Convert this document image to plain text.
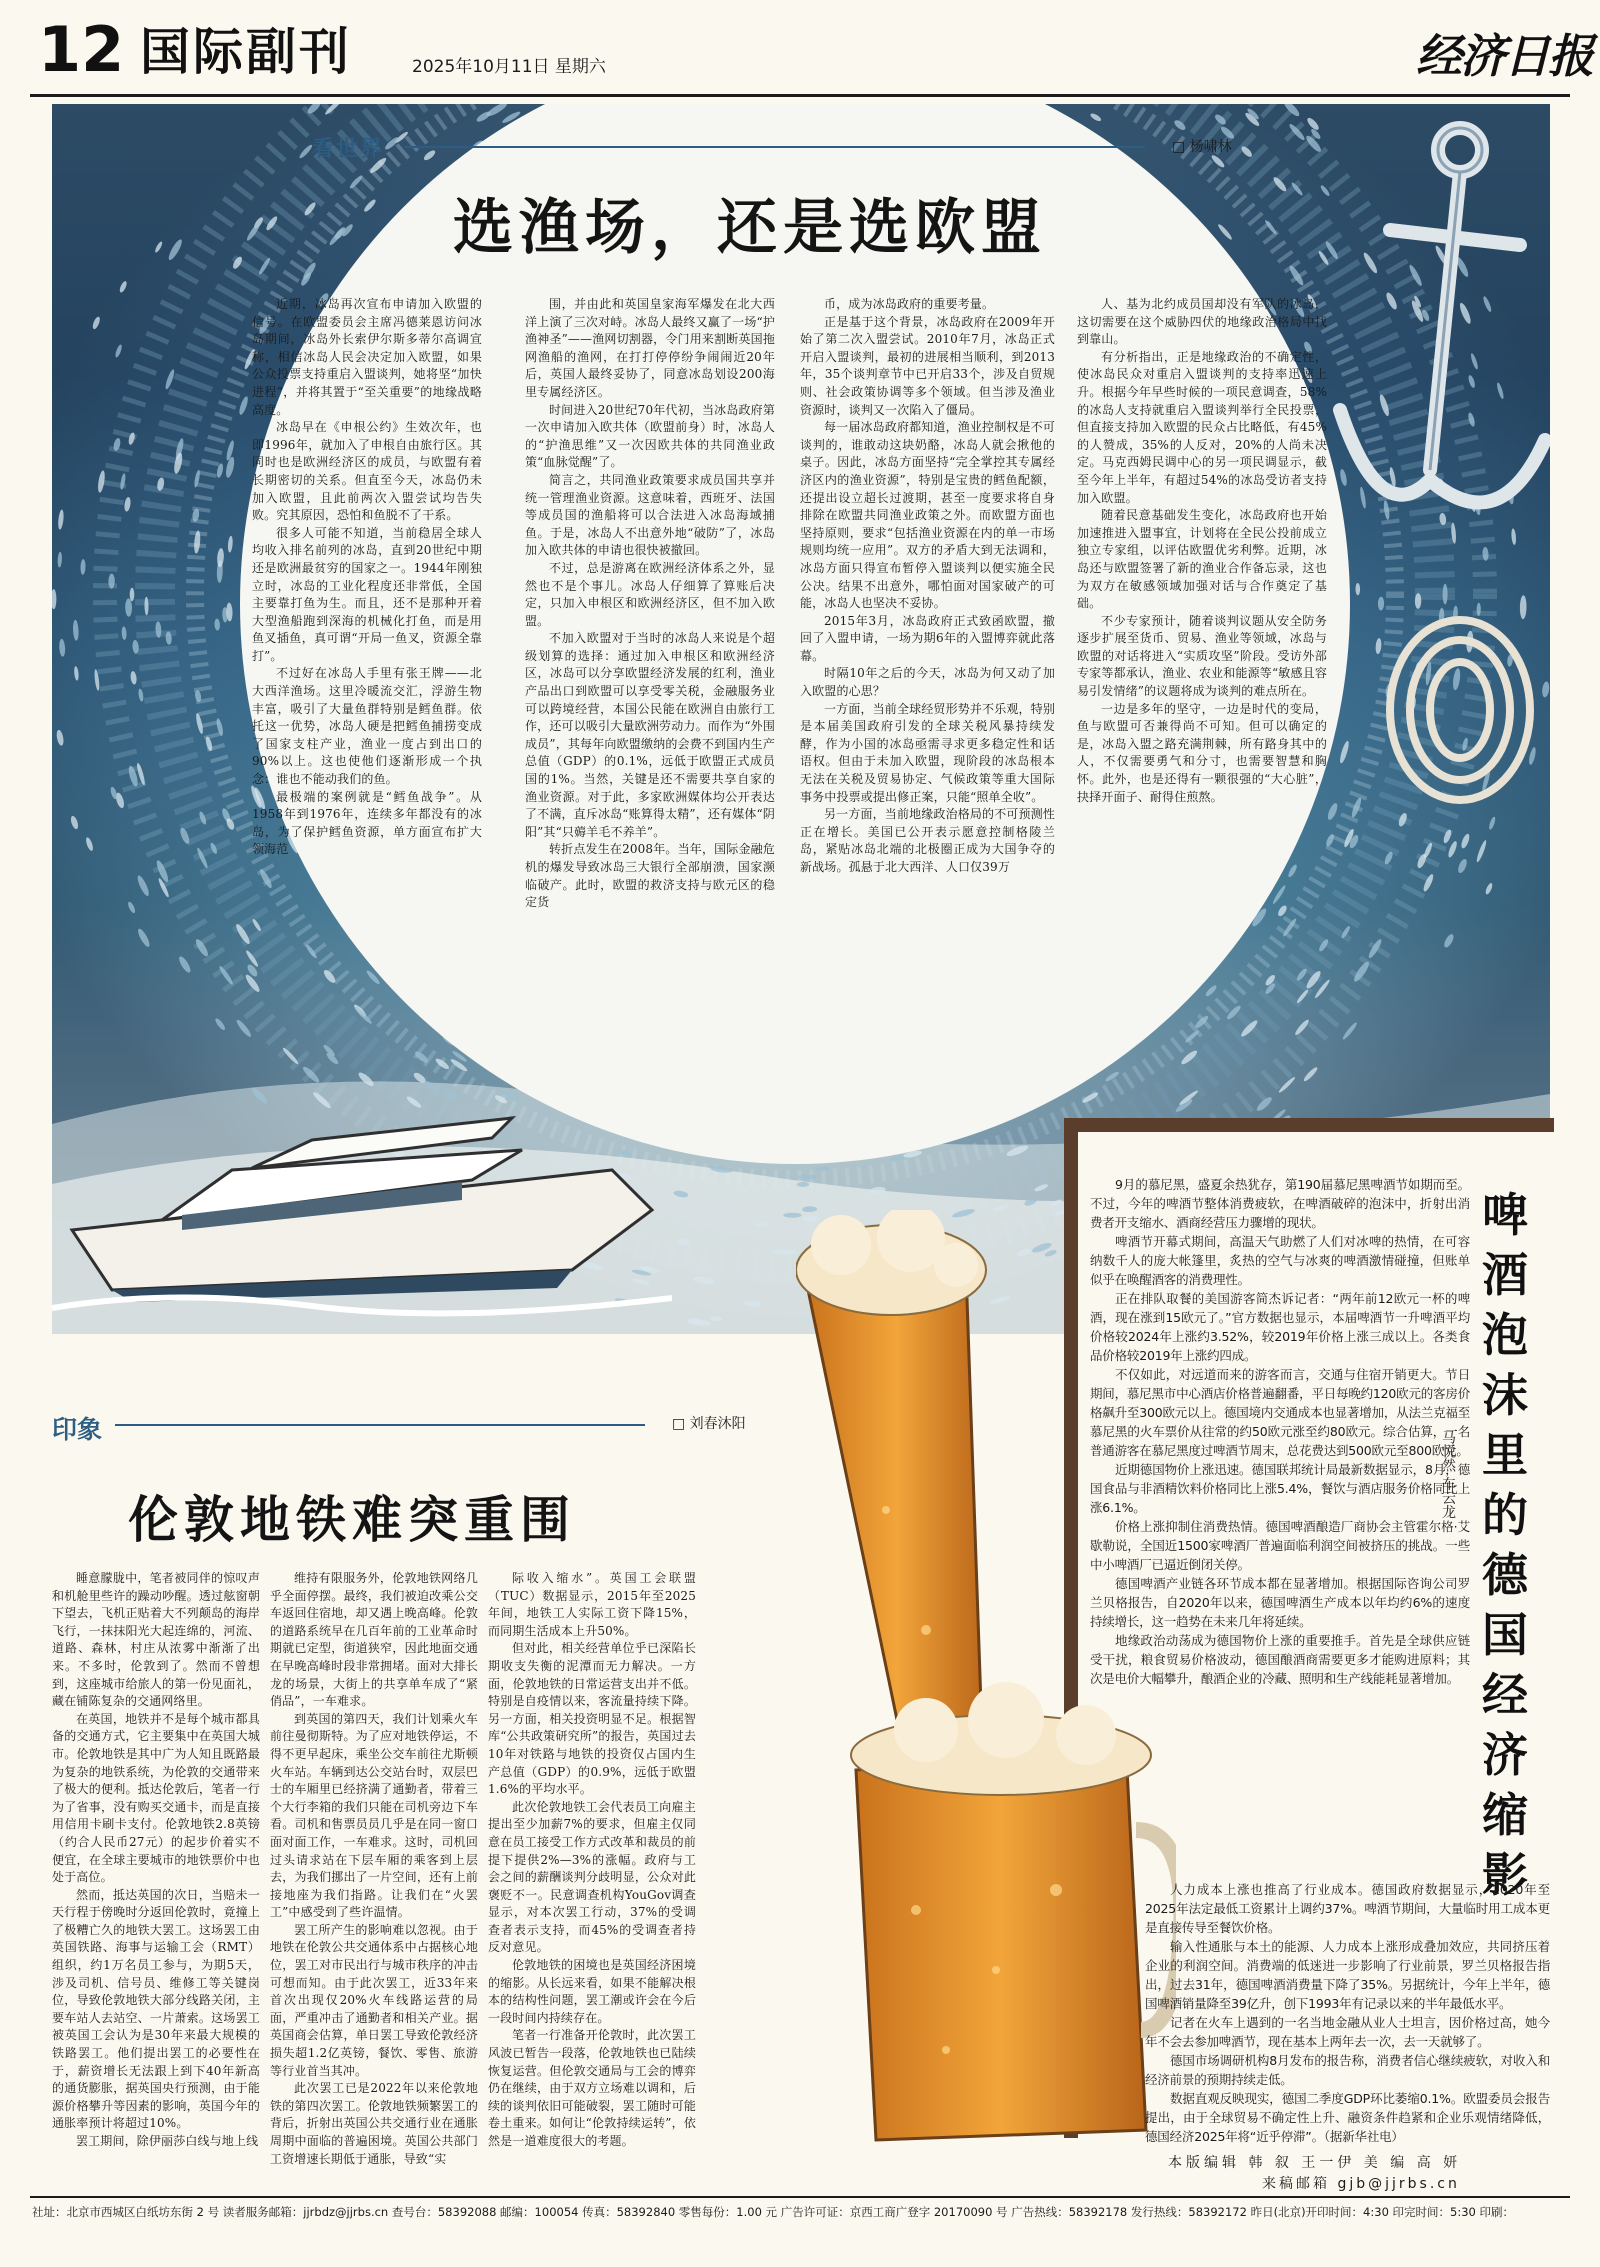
12 国际副刊	2025年10月11日 星期六	经济日报
看世界	□ 杨啸林
选渔场，还是选欧盟

近期，冰岛再次宣布申请加入欧盟的信号。在欧盟委员会主席冯德莱恩访问冰岛期间，冰岛外长索伊尔斯多蒂尔高调宣称，相信冰岛人民会决定加入欧盟，如果公众投票支持重启入盟谈判，她将坚“加快进程”，并将其置于“至关重要”的地缘战略高度。

冰岛早在《申根公约》生效次年，也即1996年，就加入了申根自由旅行区。其同时也是欧洲经济区的成员，与欧盟有着长期密切的关系。但直至今天，冰岛仍未加入欧盟，且此前两次入盟尝试均告失败。究其原因，恐怕和鱼脱不了干系。

很多人可能不知道，当前稳居全球人均收入排名前列的冰岛，直到20世纪中期还是欧洲最贫穷的国家之一。1944年刚独立时，冰岛的工业化程度还非常低，全国主要靠打鱼为生。而且，还不是那种开着大型渔船跑到深海的机械化打鱼，而是用鱼叉插鱼，真可谓“开局一鱼叉，资源全靠打”。

不过好在冰岛人手里有张王牌——北大西洋渔场。这里冷暖流交汇，浮游生物丰富，吸引了大量鱼群特别是鳕鱼群。依托这一优势，冰岛人硬是把鳕鱼捕捞变成了国家支柱产业，渔业一度占到出口的90%以上。这也使他们逐渐形成一个执念：谁也不能动我们的鱼。

最极端的案例就是“鳕鱼战争”。从1958年到1976年，连续多年都没有的冰岛，为了保护鳕鱼资源，单方面宣布扩大领海范

围，并由此和英国皇家海军爆发在北大西洋上演了三次对峙。冰岛人最终又赢了一场“护渔神圣”——渔网切割器，令门用来割断英国拖网渔船的渔网，在打打停停纷争闹闹近20年后，英国人最终妥协了，同意冰岛划设200海里专属经济区。

时间进入20世纪70年代初，当冰岛政府第一次申请加入欧共体（欧盟前身）时，冰岛人的“护渔思维”又一次因欧共体的共同渔业政策“血脉觉醒”了。

简言之，共同渔业政策要求成员国共享并统一管理渔业资源。这意味着，西班牙、法国等成员国的渔船将可以合法进入冰岛海域捕鱼。于是，冰岛人不出意外地“破防”了，冰岛加入欧共体的申请也很快被撤回。

不过，总是游离在欧洲经济体系之外，显然也不是个事儿。冰岛人仔细算了算账后决定，只加入申根区和欧洲经济区，但不加入欧盟。

不加入欧盟对于当时的冰岛人来说是个超级划算的选择：通过加入申根区和欧洲经济区，冰岛可以分享欧盟经济发展的红利，渔业产品出口到欧盟可以享受零关税，金融服务业可以跨境经营，本国公民能在欧洲自由旅行工作，还可以吸引大量欧洲劳动力。而作为“外围成员”，其每年向欧盟缴纳的会费不到国内生产总值（GDP）的0.1%，远低于欧盟正式成员国的1%。当然，关键是还不需要共享自家的渔业资源。对于此，多家欧洲媒体均公开表达了不满，直斥冰岛“账算得太精”，还有媒体“阴阳”其“只薅羊毛不养羊”。

转折点发生在2008年。当年，国际金融危机的爆发导致冰岛三大银行全部崩溃，国家濒临破产。此时，欧盟的救济支持与欧元区的稳定货

币，成为冰岛政府的重要考量。

正是基于这个背景，冰岛政府在2009年开始了第二次入盟尝试。2010年7月，冰岛正式开启入盟谈判，最初的进展相当顺利，到2013年，35个谈判章节中已开启33个，涉及自贸规则、社会政策协调等多个领域。但当涉及渔业资源时，谈判又一次陷入了僵局。

每一届冰岛政府都知道，渔业控制权是不可谈判的，谁敢动这块奶酪，冰岛人就会揪他的桌子。因此，冰岛方面坚持“完全掌控其专属经济区内的渔业资源”，特别是宝贵的鳕鱼配额，还提出设立超长过渡期，甚至一度要求将自身排除在欧盟共同渔业政策之外。而欧盟方面也坚持原则，要求“包括渔业资源在内的单一市场规则均统一应用”。双方的矛盾大到无法调和，冰岛方面只得宣布暂停入盟谈判以便实施全民公决。结果不出意外，哪怕面对国家破产的可能，冰岛人也坚决不妥协。

2015年3月，冰岛政府正式致函欧盟，撤回了入盟申请，一场为期6年的入盟博弈就此落幕。

时隔10年之后的今天，冰岛为何又动了加入欧盟的心思？

一方面，当前全球经贸形势并不乐观，特别是本届美国政府引发的全球关税风暴持续发酵，作为小国的冰岛亟需寻求更多稳定性和话语权。但由于未加入欧盟，现阶段的冰岛根本无法在关税及贸易协定、气候政策等重大国际事务中投票或提出修正案，只能“照单全收”。

另一方面，当前地缘政治格局的不可预测性正在增长。美国已公开表示愿意控制格陵兰岛，紧贴冰岛北端的北极圈正成为大国争夺的新战场。孤悬于北大西洋、人口仅39万

人、基为北约成员国却没有军队的冰岛，这切需要在这个威胁四伏的地缘政治格局中找到靠山。

有分析指出，正是地缘政治的不确定性，使冰岛民众对重启入盟谈判的支持率迅速上升。根据今年早些时候的一项民意调查，58%的冰岛人支持就重启入盟谈判举行全民投票，但直接支持加入欧盟的民众占比略低，有45%的人赞成，35%的人反对，20%的人尚未决定。马克西姆民调中心的另一项民调显示，截至今年上半年，有超过54%的冰岛受访者支持加入欧盟。

随着民意基础发生变化，冰岛政府也开始加速推进入盟事宜，计划将在全民公投前成立独立专家组，以评估欧盟优劣利弊。近期，冰岛还与欧盟签署了新的渔业合作备忘录，这也为双方在敏感领域加强对话与合作奠定了基础。

不少专家预计，随着谈判议题从安全防务逐步扩展至货币、贸易、渔业等领域，冰岛与欧盟的对话将进入“实质攻坚”阶段。受访外部专家等都承认，渔业、农业和能源等“敏感且容易引发情绪”的议题将成为谈判的难点所在。

一边是多年的坚守，一边是时代的变局，鱼与欧盟可否兼得尚不可知。但可以确定的是，冰岛入盟之路充满荆棘，所有路身其中的人，不仅需要勇气和分寸，也需要智慧和胸怀。此外，也是还得有一颗很强的“大心脏”，抉择开面子、耐得住煎熬。

印象	□ 刘春沐阳
伦敦地铁难突重围

睡意朦胧中，笔者被同伴的惊叹声和机舱里些许的躁动吵醒。透过舷窗朝下望去，飞机正贴着大不列颠岛的海岸飞行，一抹抹阳光大起连绵的，河流、道路、森林，村庄从浓雾中渐渐了出来。不多时，伦敦到了。然而不曾想到，这座城市给旅人的第一份见面礼，藏在铺陈复杂的交通网络里。

在英国，地铁并不是每个城市都具备的交通方式，它主要集中在英国大城市。伦敦地铁是其中广为人知且既路最为复杂的地铁系统，为伦敦的交通带来了极大的便利。抵达伦敦后，笔者一行为了省事，没有购买交通卡，而是直接用信用卡刷卡支付。伦敦地铁2.8英镑（约合人民币27元）的起步价着实不便宜，在全球主要城市的地铁票价中也处于高位。

然而，抵达英国的次日，当赔未一天行程于傍晚时分返回伦敦时，竟撞上了极糟亡久的地铁大罢工。这场罢工由英国铁路、海事与运输工会（RMT）组织，约1万名员工参与，为期5天，涉及司机、信号员、维修工等关键岗位，导致伦敦地铁大部分线路关闭，主要车站人去站空、一片萧索。这场罢工被英国工会认为是30年来最大规模的铁路罢工。他们提出罢工的必要性在于，薪资增长无法跟上到下40年新高的通货膨胀，据英国央行预测，由于能源价格攀升等因素的影响，英国今年的通胀率预计将超过10%。

罢工期间，除伊丽莎白线与地上线

维持有限服务外，伦敦地铁网络几乎全面停摆。最终，我们被迫改乘公交车返回住宿地，却又遇上晚高峰。伦敦的道路系统早在几百年前的工业革命时期就已定型，街道狭窄，因此地面交通在早晚高峰时段非常拥堵。面对大排长龙的场景，大街上的共享单车成了“紧俏品”，一车难求。

到英国的第四天，我们计划乘火车前往曼彻斯特。为了应对地铁停运，不得不更早起床，乘坐公交车前往尤斯顿火车站。车辆到达公交站台时，双层巴士的车厢里已经挤满了通勤者，带着三个大行李箱的我们只能在司机旁边下车看。司机和售票员员几乎是在同一窗口面对面工作，一车难求。这时，司机回过头请求站在下层车厢的乘客到上层去，为我们挪出了一片空间，还有上前接地座为我们指路。让我们在“火罢工”中感受到了些许温情。

罢工所产生的影响难以忽视。由于地铁在伦敦公共交通体系中占据核心地位，罢工对市民出行与城市秩序的冲击可想而知。由于此次罢工，近33年来首次出现仅20%火车线路运营的局面，严重冲击了通勤者和相关产业。据英国商会估算，单日罢工导致伦敦经济损失超1.2亿英镑，餐饮、零售、旅游等行业首当其冲。

此次罢工已是2022年以来伦敦地铁的第四次罢工。伦敦地铁频繁罢工的背后，折射出英国公共交通行业在通胀周期中面临的普遍困境。英国公共部门工资增速长期低于通胀，导致“实

际收入缩水”。英国工会联盟（TUC）数据显示，2015年至2025年间，地铁工人实际工资下降15%，而同期生活成本上升50%。

但对此，相关经营单位乎已深陷长期收支失衡的泥潭而无力解决。一方面，伦敦地铁的日常运营支出并不低。特别是自疫情以来，客流量持续下降。另一方面，相关投资明显不足。根据智库“公共政策研究所”的报告，英国过去10年对铁路与地铁的投资仅占国内生产总值（GDP）的0.9%，远低于欧盟1.6%的平均水平。

此次伦敦地铁工会代表员工向雇主提出至少加薪7%的要求，但雇主仅同意在员工接受工作方式改革和裁员的前提下提供2%—3%的涨幅。政府与工会之间的薪酬谈判分歧明显，公众对此褒贬不一。民意调查机构YouGov调查显示，对本次罢工行动，37%的受调查者表示支持，而45%的受调查者持反对意见。

伦敦地铁的困境也是英国经济困境的缩影。从长远来看，如果不能解决根本的结构性问题，罢工潮或许会在今后一段时间内持续存在。

笔者一行准备开伦敦时，此次罢工风波已暂告一段落，伦敦地铁也已陆续恢复运营。但伦敦交通局与工会的博弈仍在继续，由于双方立场难以调和，后续的谈判依旧可能破裂，罢工随时可能卷土重来。如何让“伦敦持续运转”，依然是一道难度很大的考题。

啤酒泡沫里的德国经济缩影
马悦然 车云龙

9月的慕尼黑，盛夏余热犹存，第190届慕尼黑啤酒节如期而至。不过，今年的啤酒节整体消费疲软，在啤酒破碎的泡沫中，折射出消费者开支缩水、酒商经营压力骤增的现状。

啤酒节开幕式期间，高温天气助燃了人们对冰啤的热情，在可容纳数千人的庞大帐篷里，炙热的空气与冰爽的啤酒激情碰撞，但账单似乎在唤醒酒客的消费理性。

正在排队取餐的美国游客简杰诉记者：“两年前12欧元一杯的啤酒，现在涨到15欧元了。”官方数据也显示，本届啤酒节一升啤酒平均价格较2024年上涨约3.52%，较2019年价格上涨三成以上。各类食品价格较2019年上涨约四成。

不仅如此，对远道而来的游客而言，交通与住宿开销更大。节日期间，慕尼黑市中心酒店价格普遍翻番，平日每晚约120欧元的客房价格飙升至300欧元以上。德国境内交通成本也显著增加，从法兰克福至慕尼黑的火车票价从往常的约50欧元涨至约80欧元。综合估算，一名普通游客在慕尼黑度过啤酒节周末，总花费达到500欧元至800欧元。

近期德国物价上涨迅速。德国联邦统计局最新数据显示，8月，德国食品与非酒精饮料价格同比上涨5.4%，餐饮与酒店服务价格同比上涨6.1%。

价格上涨抑制住消费热情。德国啤酒酿造厂商协会主管霍尔格·艾歇勒说，全国近1500家啤酒厂普遍面临利润空间被挤压的挑战。一些中小啤酒厂已逼近倒闭关停。

德国啤酒产业链各环节成本都在显著增加。根据国际咨询公司罗兰贝格报告，自2020年以来，德国啤酒生产成本以年均约6%的速度持续增长，这一趋势在未来几年将延续。

地缘政治动荡成为德国物价上涨的重要推手。首先是全球供应链受干扰，粮食贸易价格波动，德国酿酒商需要更多才能购进原料；其次是电价大幅攀升，酿酒企业的冷藏、照明和生产线能耗显著增加。

人力成本上涨也推高了行业成本。德国政府数据显示，2020年至2025年法定最低工资累计上调约37%。啤酒节期间，大量临时用工成本更是直接传导至餐饮价格。

输入性通胀与本土的能源、人力成本上涨形成叠加效应，共同挤压着企业的利润空间。消费端的低迷进一步影响了行业前景，罗兰贝格报告指出，过去31年，德国啤酒消费量下降了35%。另据统计，今年上半年，德国啤酒销量降至39亿升，创下1993年有记录以来的半年最低水平。

记者在火车上遇到的一名当地金融从业人士坦言，因价格过高，她今年不会去参加啤酒节，现在基本上两年去一次，去一天就够了。

德国市场调研机构8月发布的报告称，消费者信心继续疲软，对收入和经济前景的预期持续走低。

数据直观反映现实，德国二季度GDP环比萎缩0.1%。欧盟委员会报告提出，由于全球贸易不确定性上升、融资条件趋紧和企业乐观情绪降低，德国经济2025年将“近乎停滞”。（据新华社电）

本版编辑 韩 叙 王一伊 美 编 高 妍
来稿邮箱 gjb@jjrbs.cn
社址：北京市西城区白纸坊东街 2 号 读者服务邮箱：jjrbdz@jjrbs.cn 查号台：58392088 邮编：100054 传真：58392840 零售每份：1.00 元 广告许可证：京西工商广登字 20170090 号 广告热线：58392178 发行热线：58392172 昨日(北京)开印时间：4:30 印完时间：5:30 印刷：
